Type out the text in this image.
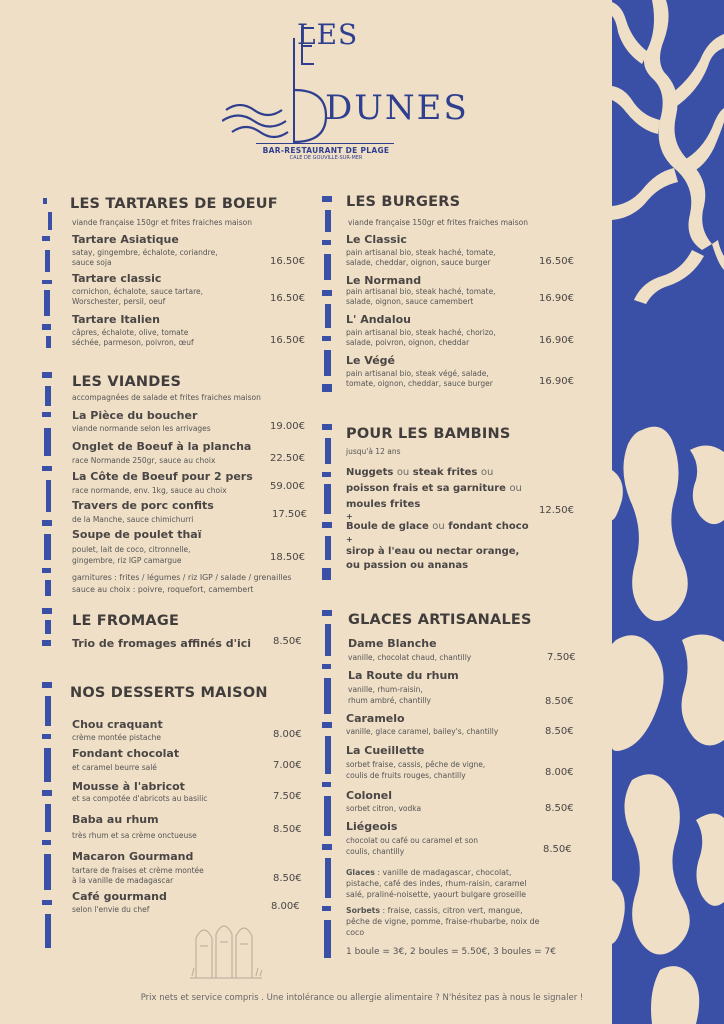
LES
DUNES
BAR-RESTAURANT DE PLAGE
CALE DE GOUVILLE-SUR-MER
LES TARTARES DE BOEUF
viande française 150gr et frites fraiches maison
Tartare Asiatique
satay, gingembre, échalote, coriandre,
sauce soja	16.50€
Tartare classic
cornichon, échalote, sauce tartare,
Worschester, persil, oeuf	16.50€
Tartare Italien
câpres, échalote, olive, tomate
séchée, parmeson, poivron, œuf	16.50€
LES VIANDES
accompagnées de salade et frites fraiches maison
La Pièce du boucher
viande normande selon les arrivages	19.00€
Onglet de Boeuf à la plancha
race Normande 250gr, sauce au choix	22.50€
La Côte de Boeuf pour 2 pers
race normande, env. 1kg, sauce au choix	59.00€
Travers de porc confits
de la Manche, sauce chimichurri	17.50€
Soupe de poulet thaï
poulet, lait de coco, citronnelle,
gingembre, riz IGP camargue	18.50€
garnitures : frites / légumes / riz IGP / salade / grenailles
sauce au choix : poivre, roquefort, camembert
LE FROMAGE
Trio de fromages affinés d'ici 8.50€
NOS DESSERTS MAISON
Chou craquant
crème montée pistache	8.00€
Fondant chocolat
et caramel beurre salé	7.00€
Mousse à l'abricot
et sa compotée d'abricots au basilic	7.50€
Baba au rhum
très rhum et sa crème onctueuse
8.50€
Macaron Gourmand
tartare de fraises et crème montée
à la vanille de madagascar	8.50€
Café gourmand
selon l'envie du chef	8.00€
LES BURGERS
viande française 150gr et frites fraiches maison
Le Classic
pain artisanal bio, steak haché, tomate,
salade, cheddar, oignon, sauce burger	16.50€
Le Normand
pain artisanal bio, steak haché, tomate,
salade, oignon, sauce camembert	16.90€
L' Andalou
pain artisanal bio, steak haché, chorizo,
salade, poivron, oignon, cheddar	16.90€
Le Végé
pain artisanal bio, steak végé, salade,
tomate, oignon, cheddar, sauce burger	16.90€
POUR LES BAMBINS
jusqu'à 12 ans
Nuggets ou steak frites ou
poisson frais et sa garniture ou
moules frites
+
Boule de glace ou fondant choco
+
sirop à l'eau ou nectar orange,
ou passion ou ananas
12.50€
GLACES ARTISANALES
Dame Blanche
vanille, chocolat chaud, chantilly	7.50€
La Route du rhum
vanille, rhum-raisin,
rhum ambré, chantilly	8.50€
Caramelo
vanille, glace caramel, bailey's, chantilly	8.50€
La Cueillette
sorbet fraise, cassis, pêche de vigne,
coulis de fruits rouges, chantilly	8.00€
Colonel
sorbet citron, vodka	8.50€
Liégeois
chocolat ou café ou caramel et son
coulis, chantilly	8.50€
Glaces : vanille de madagascar, chocolat,
pistache, café des indes, rhum-raisin, caramel
salé, praliné-noisette, yaourt bulgare groseille
Sorbets : fraise, cassis, citron vert, mangue,
pêche de vigne, pomme, fraise-rhubarbe, noix de
coco
1 boule = 3€, 2 boules = 5.50€, 3 boules = 7€
Prix nets et service compris . Une intolérance ou allergie alimentaire ? N'hésitez pas à nous le signaler !
